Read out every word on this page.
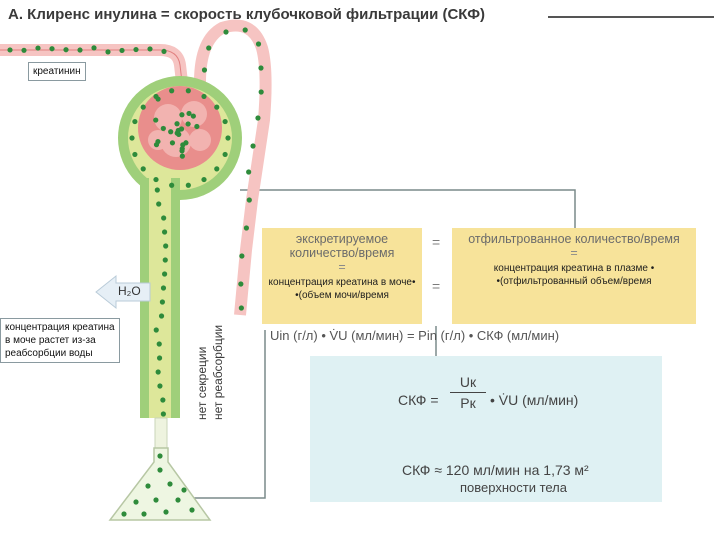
А. Клиренс инулина = скорость клубочковой фильтрации (СКФ)
нет секреции нет реабсорбции
креатинин
H₂O
концентрация креатина в моче растет из-за реабсорбции воды
экскретируемое количество/время
=
концентрация креатина в моче• •(объем мочи/время
=
=
отфильтрованное количество/время
=
концентрация креатина в плазме • •(отфильтрованный объем/время
Uin (г/л) • V̇U (мл/мин) = Pin (г/л) • СКФ (мл/мин)
СКФ =
Uк
Pк	• V̇U (мл/мин)
СКФ ≈ 120 мл/мин на 1,73 м²
поверхности тела
